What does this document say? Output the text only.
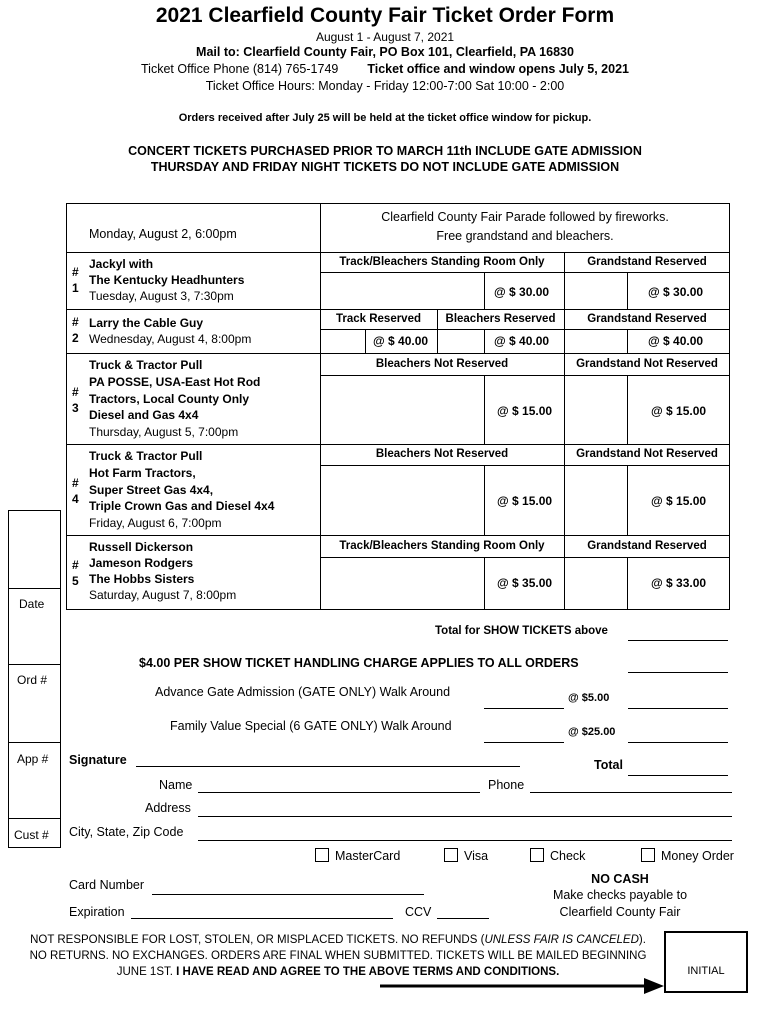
2021 Clearfield County Fair Ticket Order Form
August 1 - August 7, 2021
Mail to: Clearfield County Fair, PO Box 101, Clearfield, PA 16830
Ticket Office Phone (814) 765-1749 Ticket office and window opens July 5, 2021
Ticket Office Hours: Monday - Friday 12:00-7:00 Sat 10:00 - 2:00
Orders received after July 25 will be held at the ticket office window for pickup.
CONCERT TICKETS PURCHASED PRIOR TO MARCH 11th INCLUDE GATE ADMISSION
THURSDAY AND FRIDAY NIGHT TICKETS DO NOT INCLUDE GATE ADMISSION
Monday, August 2, 6:00pm
Clearfield County Fair Parade followed by fireworks.
Free grandstand and bleachers.
#
1
Jackyl with
The Kentucky Headhunters
Tuesday, August 3, 7:30pm
Track/Bleachers Standing Room Only	Grandstand Reserved
@ $ 30.00	@ $ 30.00
#
2
Larry the Cable Guy
Wednesday, August 4, 8:00pm
Track Reserved	Bleachers Reserved	Grandstand Reserved
@ $ 40.00	@ $ 40.00	@ $ 40.00
#
3
Truck & Tractor Pull
PA POSSE, USA-East Hot Rod
Tractors, Local County Only
Diesel and Gas 4x4
Thursday, August 5, 7:00pm
Bleachers Not Reserved	Grandstand Not Reserved
@ $ 15.00	@ $ 15.00
#
4
Truck & Tractor Pull
Hot Farm Tractors,
Super Street Gas 4x4,
Triple Crown Gas and Diesel 4x4
Friday, August 6, 7:00pm
Bleachers Not Reserved	Grandstand Not Reserved
@ $ 15.00	@ $ 15.00
#
5
Russell Dickerson
Jameson Rodgers
The Hobbs Sisters
Saturday, August 7, 8:00pm
Track/Bleachers Standing Room Only	Grandstand Reserved
@ $ 35.00	@ $ 33.00
Date
Ord #
App #
Cust #
Total for SHOW TICKETS above
$4.00 PER SHOW TICKET HANDLING CHARGE APPLIES TO ALL ORDERS
Advance Gate Admission (GATE ONLY) Walk Around	@ $5.00
Family Value Special (6 GATE ONLY) Walk Around	@ $25.00
Total
Signature
Name	Phone
Address
City, State, Zip Code
MasterCard	Visa	Check	Money Order
Card Number
Expiration	CCV
NO CASH
Make checks payable to
Clearfield County Fair
NOT RESPONSIBLE FOR LOST, STOLEN, OR MISPLACED TICKETS. NO REFUNDS (UNLESS FAIR IS CANCELED). NO RETURNS. NO EXCHANGES. ORDERS ARE FINAL WHEN SUBMITTED. TICKETS WILL BE MAILED BEGINNING JUNE 1ST. I HAVE READ AND AGREE TO THE ABOVE TERMS AND CONDITIONS.	INITIAL
